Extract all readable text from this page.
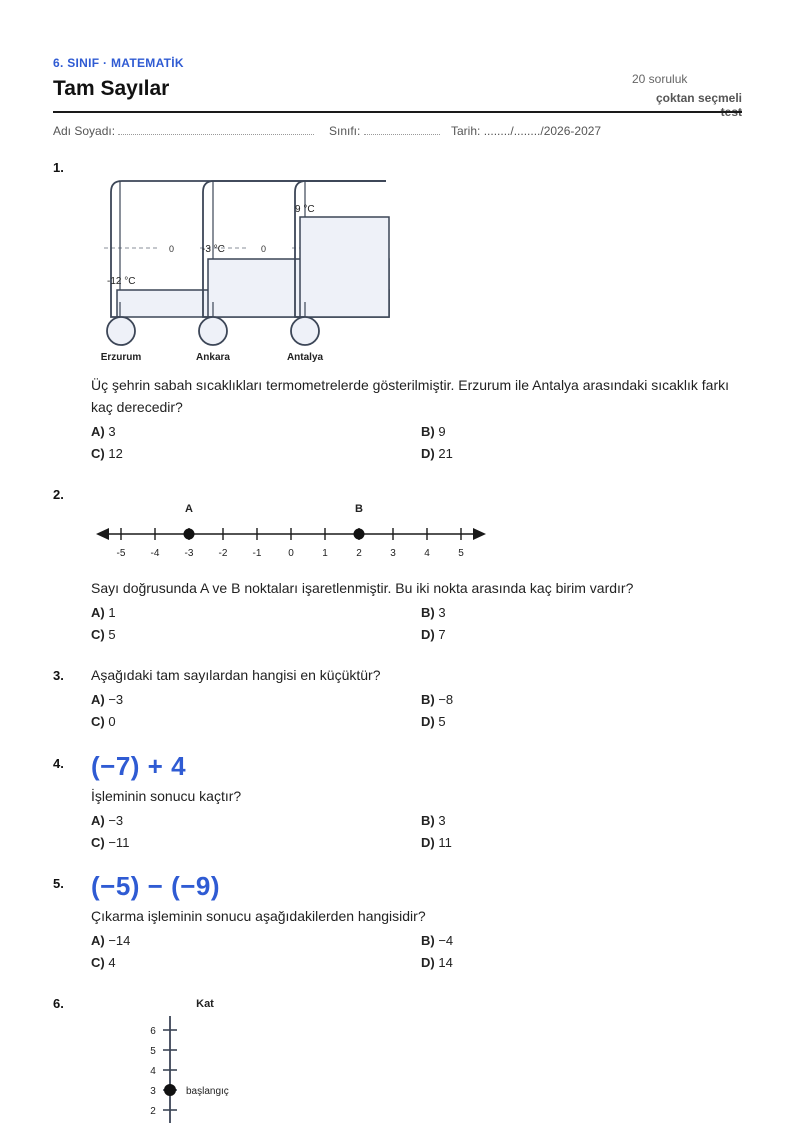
6. SINIF · MATEMATİK
Tam Sayılar	20 soruluk
çoktan seçmeli
Adı Soyadı:	Sınıfı:	Tarih: ......../......../2026-2027
1.
0	0
-12 °C
-3 °C
9 °C
Erzurum	Ankara	Antalya
Üç şehrin sabah sıcaklıkları termometrelerde gösterilmiştir. Erzurum ile Antalya arasındaki sıcaklık farkı kaç derecedir?
A) 3	B) 9
C) 12	D) 21
2.
-5	-4	-3	-2	-1	0	1	2	3	4	5
A	B
Sayı doğrusunda A ve B noktaları işaretlenmiştir. Bu iki nokta arasında kaç birim vardır?
A) 1	B) 3
C) 5	D) 7
3. Aşağıdaki tam sayılardan hangisi en küçüktür?
A) −3	B) −8
C) 0	D) 5
4. (−7) + 4
İşleminin sonucu kaçtır?
A) −3	B) 3
C) −11	D) 11
5. (−5) − (−9)
Çıkarma işleminin sonucu aşağıdakilerden hangisidir?
A) −14	B) −4
C) 4	D) 14
6.	Kat
6
5
4
3
2
başlangıç
